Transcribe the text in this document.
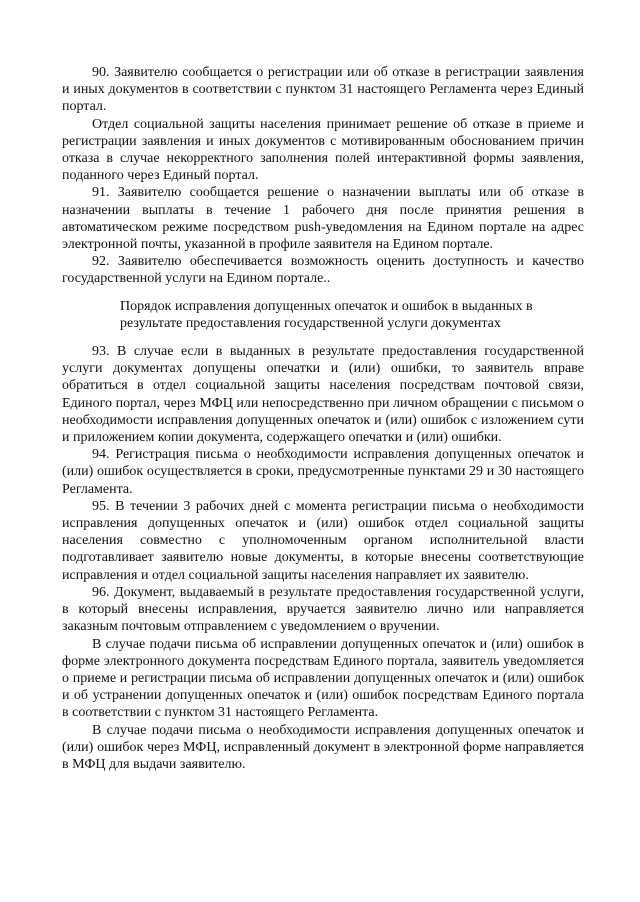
90. Заявителю сообщается о регистрации или об отказе в регистрации заявления и иных документов в соответствии с пунктом 31 настоящего Регламента через Единый портал.

Отдел социальной защиты населения принимает решение об отказе в приеме и регистрации заявления и иных документов с мотивированным обоснованием причин отказа в случае некорректного заполнения полей интерактивной формы заявления, поданного через Единый портал.

91. Заявителю сообщается решение о назначении выплаты или об отказе в назначении выплаты в течение 1 рабочего дня после принятия решения в автоматическом режиме посредством push-уведомления на Едином портале на адрес электронной почты, указанной в профиле заявителя на Едином портале.

92. Заявителю обеспечивается возможность оценить доступность и качество государственной услуги на Едином портале..

Порядок исправления допущенных опечаток и ошибок в выданных в результате предоставления государственной услуги документах

93. В случае если в выданных в результате предоставления государственной услуги документах допущены опечатки и (или) ошибки, то заявитель вправе обратиться в отдел социальной защиты населения посредствам почтовой связи, Единого портал, через МФЦ или непосредственно при личном обращении с письмом о необходимости исправления допущенных опечаток и (или) ошибок с изложением сути и приложением копии документа, содержащего опечатки и (или) ошибки.

94. Регистрация письма о необходимости исправления допущенных опечаток и (или) ошибок осуществляется в сроки, предусмотренные пунктами 29 и 30 настоящего Регламента.

95. В течении 3 рабочих дней с момента регистрации письма о необходимости исправления допущенных опечаток и (или) ошибок отдел социальной защиты населения совместно с уполномоченным органом исполнительной власти подготавливает заявителю новые документы, в которые внесены соответствующие исправления и отдел социальной защиты населения направляет их заявителю.

96. Документ, выдаваемый в результате предоставления государственной услуги, в который внесены исправления, вручается заявителю лично или направляется заказным почтовым отправлением с уведомлением о вручении.

В случае подачи письма об исправлении допущенных опечаток и (или) ошибок в форме электронного документа посредствам Единого портала, заявитель уведомляется о приеме и регистрации письма об исправлении допущенных опечаток и (или) ошибок и об устранении допущенных опечаток и (или) ошибок посредствам Единого портала в соответствии с пунктом 31 настоящего Регламента.

В случае подачи письма о необходимости исправления допущенных опечаток и (или) ошибок через МФЦ, исправленный документ в электронной форме направляется в МФЦ для выдачи заявителю.
